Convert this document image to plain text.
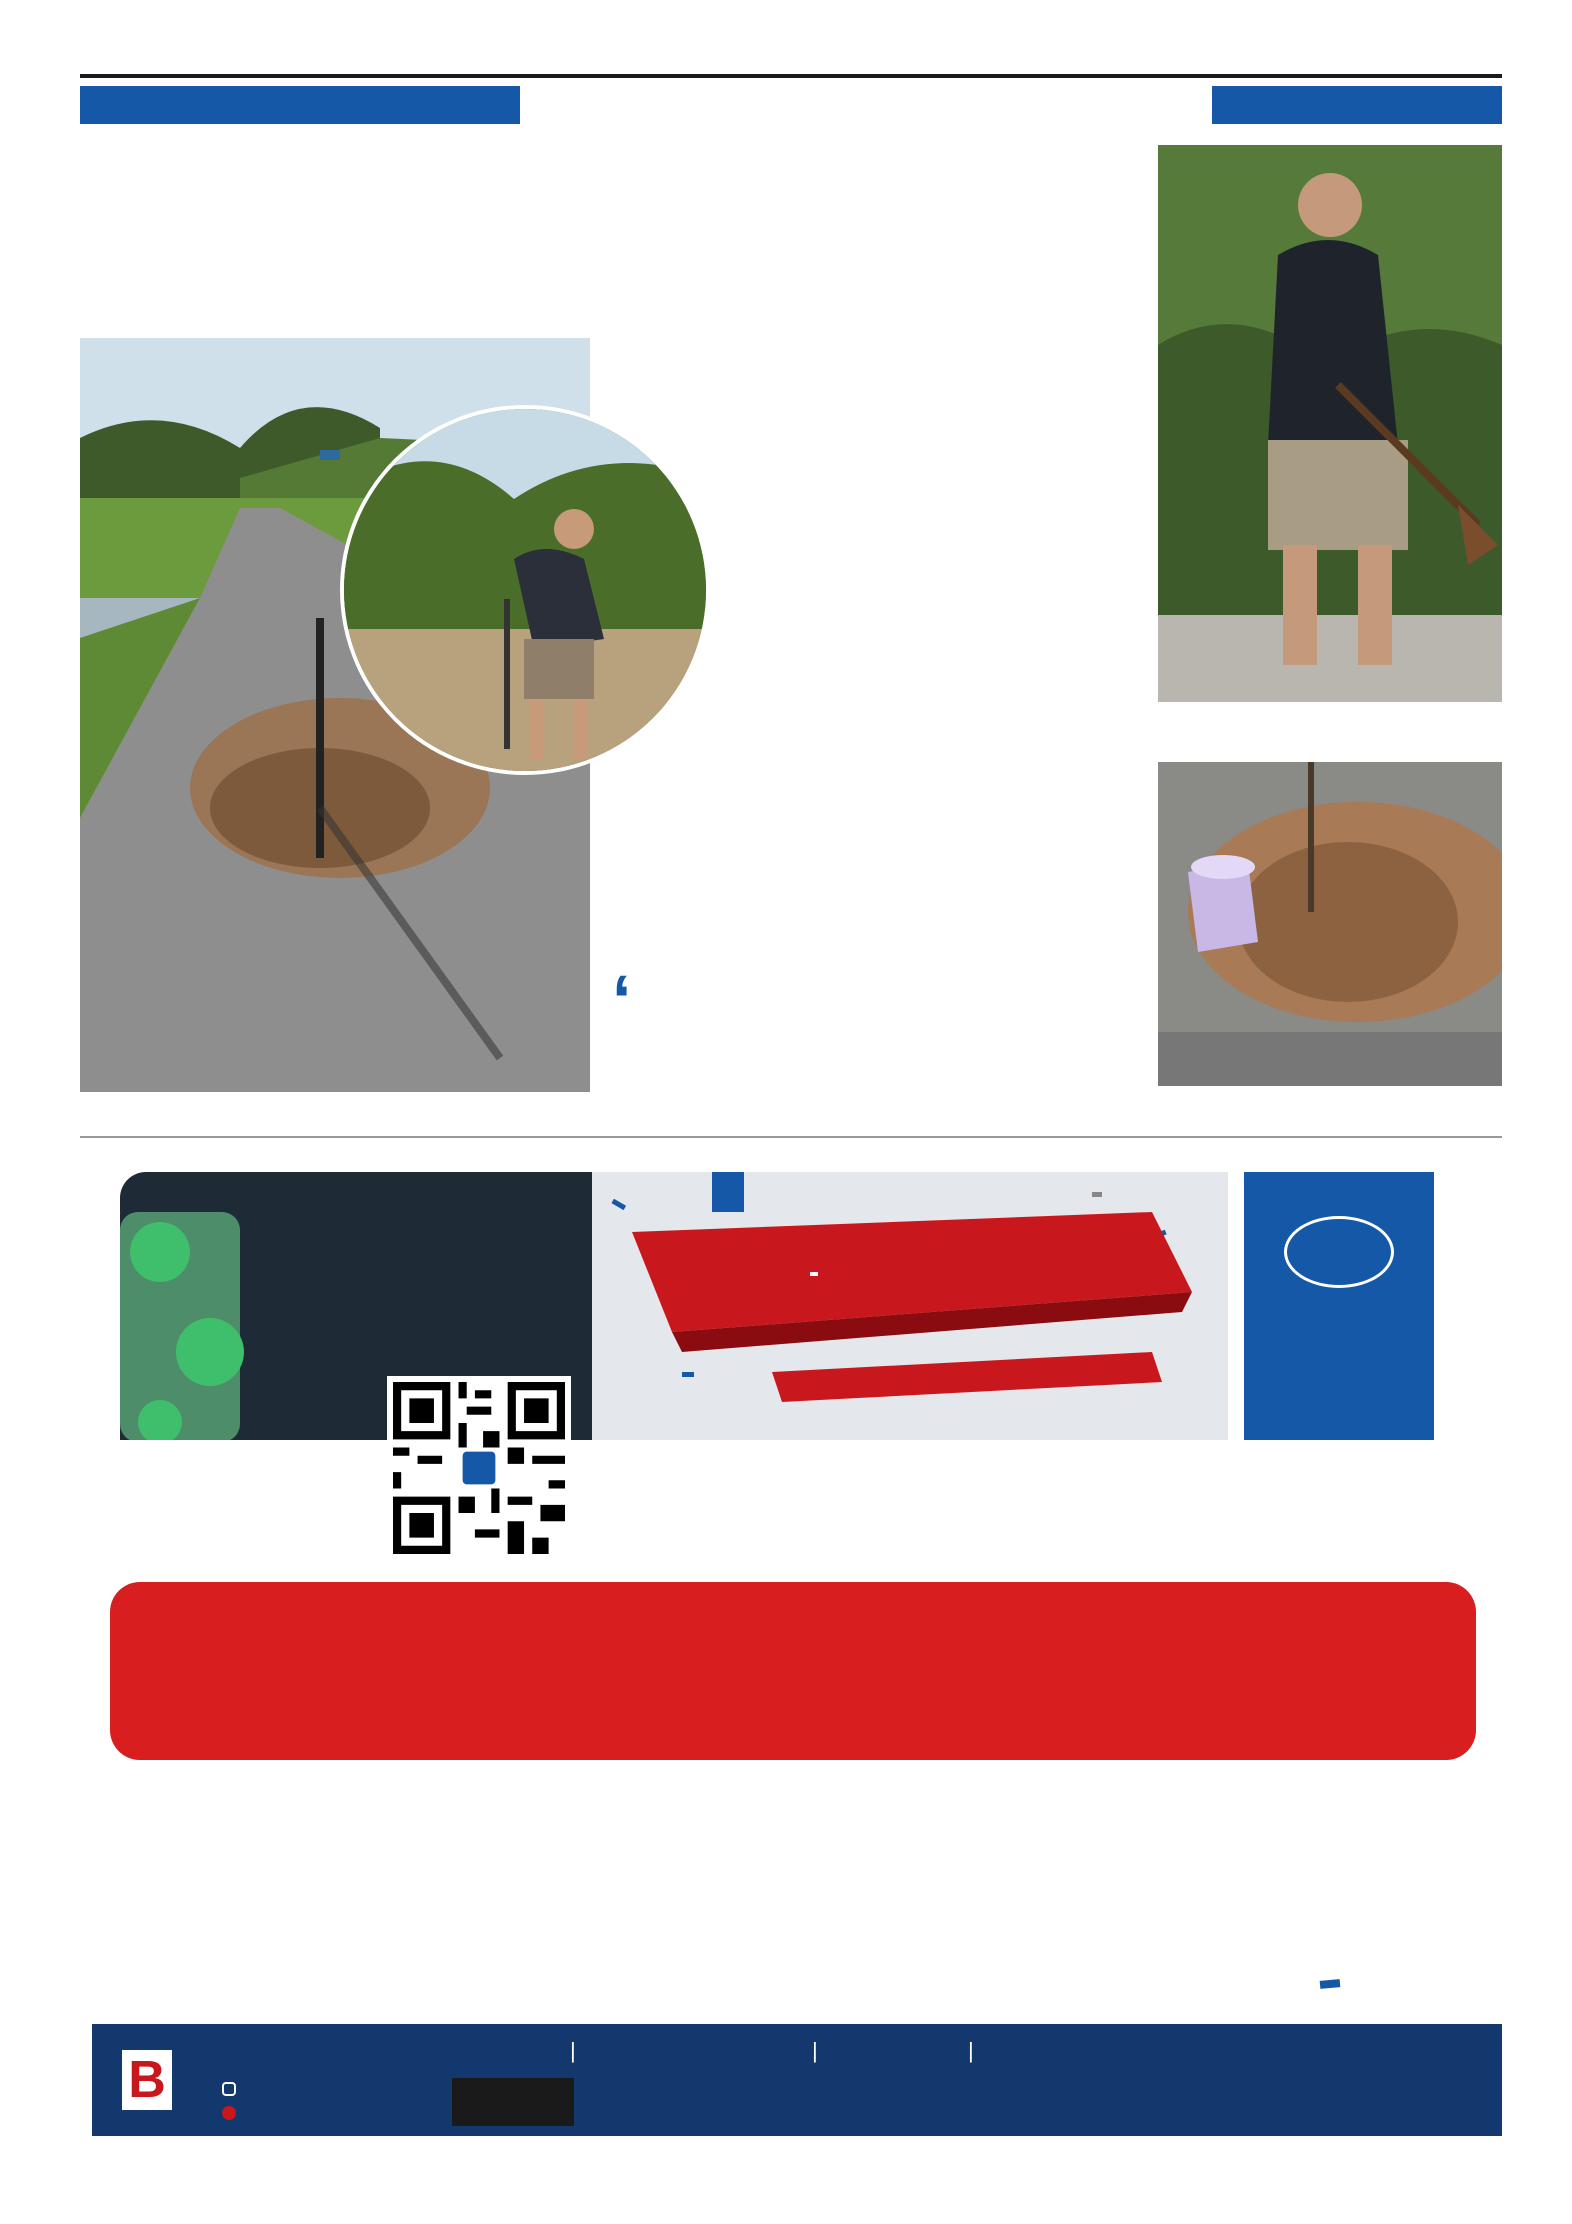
‘

B
|	|	|
